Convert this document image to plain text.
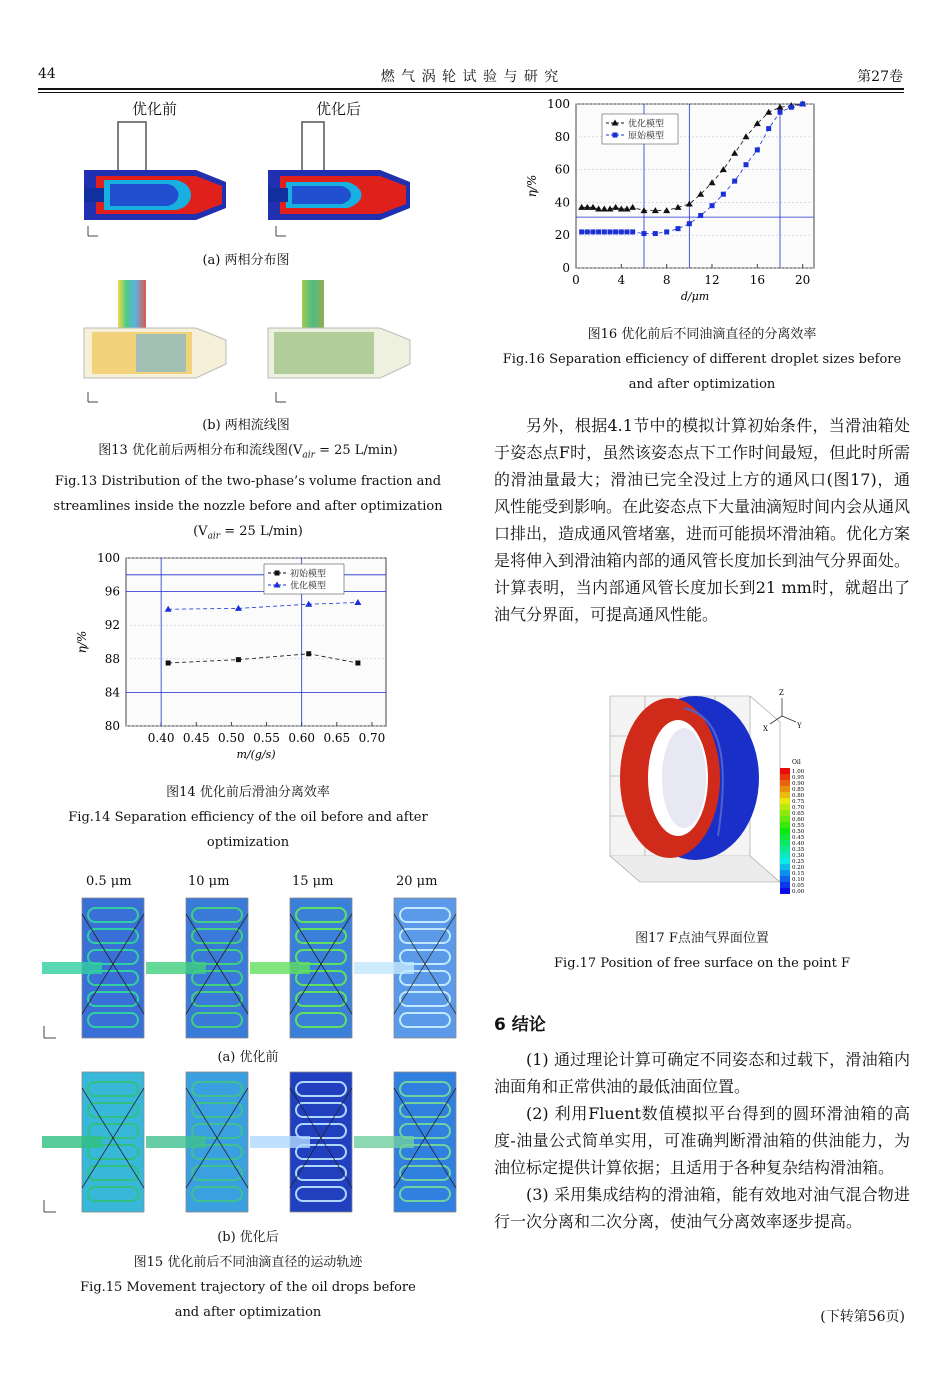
44	燃 气 涡 轮 试 验 与 研 究	第27卷
优化前	优化后
(a) 两相分布图
(b) 两相流线图
图13 优化前后两相分布和流线图($V_{air} = 25$ L/min)
Fig.13 Distribution of the two-phase’s volume fraction and
streamlines inside the nozzle before and after optimization
($V_{air} = 25$ L/min)
80
84
88
92
96
100
0.40 0.45 0.50 0.55 0.60 0.65 0.70
初始模型
优化模型
m/(g/s)
η/%
图14 优化前后滑油分离效率
Fig.14 Separation efficiency of the oil before and after
optimization
0.5 μm	10 μm	15 μm	20 μm
(a) 优化前
(b) 优化后
图15 优化前后不同油滴直径的运动轨迹
Fig.15 Movement trajectory of the oil drops before
and after optimization
0
20
40
60
80
100
0	4	8	12	16	20
优化模型
原始模型
d/μm
η/%
图16 优化前后不同油滴直径的分离效率
Fig.16 Separation efficiency of different droplet sizes before
and after optimization

另外，根据4.1节中的模拟计算初始条件，当滑油箱处于姿态点F时，虽然该姿态点下工作时间最短，但此时所需的滑油量最大；滑油已完全没过上方的通风口(图17)，通风性能受到影响。在此姿态点下大量油滴短时间内会从通风口排出，造成通风管堵塞，进而可能损坏滑油箱。优化方案是将伸入到滑油箱内部的通风管长度加长到油气分界面处。计算表明，当内部通风管长度加长到21 mm时，就超出了油气分界面，可提高通风性能。

Z
X	Y
Oil
1.00
0.95
0.90
0.85
0.80
0.75
0.70
0.65
0.60
0.55
0.50
0.45
0.40
0.35
0.30
0.25
0.20
0.15
0.10
0.05
0.00
图17 F点油气界面位置
Fig.17 Position of free surface on the point F
6 结论

(1) 通过理论计算可确定不同姿态和过载下，滑油箱内油面角和正常供油的最低油面位置。

(2) 利用Fluent数值模拟平台得到的圆环滑油箱的高度-油量公式简单实用，可准确判断滑油箱的供油能力，为油位标定提供计算依据；且适用于各种复杂结构滑油箱。

(3) 采用集成结构的滑油箱，能有效地对油气混合物进行一次分离和二次分离，使油气分离效率逐步提高。

(下转第56页)
